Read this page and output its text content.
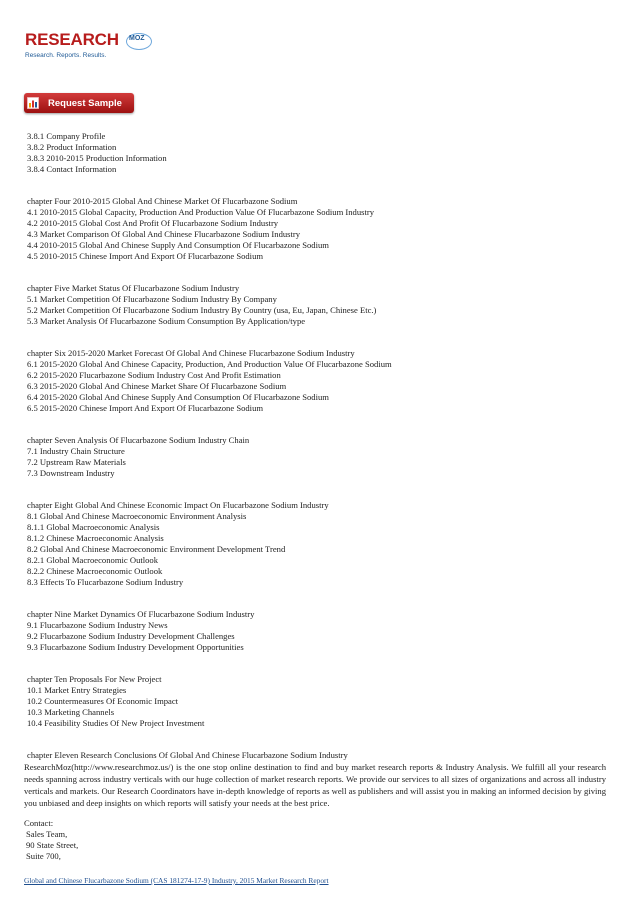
RESEARCH MOZ
Research. Reports. Results.
Request Sample
3.8.1 Company Profile
3.8.2 Product Information
3.8.3 2010-2015 Production Information
3.8.4 Contact Information
chapter Four 2010-2015 Global And Chinese Market Of Flucarbazone Sodium
4.1 2010-2015 Global Capacity, Production And Production Value Of Flucarbazone Sodium Industry
4.2 2010-2015 Global Cost And Profit Of Flucarbazone Sodium Industry
4.3 Market Comparison Of Global And Chinese Flucarbazone Sodium Industry
4.4 2010-2015 Global And Chinese Supply And Consumption Of Flucarbazone Sodium
4.5 2010-2015 Chinese Import And Export Of Flucarbazone Sodium
chapter Five Market Status Of Flucarbazone Sodium Industry
5.1 Market Competition Of Flucarbazone Sodium Industry By Company
5.2 Market Competition Of Flucarbazone Sodium Industry By Country (usa, Eu, Japan, Chinese Etc.)
5.3 Market Analysis Of Flucarbazone Sodium Consumption By Application/type
chapter Six 2015-2020 Market Forecast Of Global And Chinese Flucarbazone Sodium Industry
6.1 2015-2020 Global And Chinese Capacity, Production, And Production Value Of Flucarbazone Sodium
6.2 2015-2020 Flucarbazone Sodium Industry Cost And Profit Estimation
6.3 2015-2020 Global And Chinese Market Share Of Flucarbazone Sodium
6.4 2015-2020 Global And Chinese Supply And Consumption Of Flucarbazone Sodium
6.5 2015-2020 Chinese Import And Export Of Flucarbazone Sodium
chapter Seven Analysis Of Flucarbazone Sodium Industry Chain
7.1 Industry Chain Structure
7.2 Upstream Raw Materials
7.3 Downstream Industry
chapter Eight Global And Chinese Economic Impact On Flucarbazone Sodium Industry
8.1 Global And Chinese Macroeconomic Environment Analysis
8.1.1 Global Macroeconomic Analysis
8.1.2 Chinese Macroeconomic Analysis
8.2 Global And Chinese Macroeconomic Environment Development Trend
8.2.1 Global Macroeconomic Outlook
8.2.2 Chinese Macroeconomic Outlook
8.3 Effects To Flucarbazone Sodium Industry
chapter Nine Market Dynamics Of Flucarbazone Sodium Industry
9.1 Flucarbazone Sodium Industry News
9.2 Flucarbazone Sodium Industry Development Challenges
9.3 Flucarbazone Sodium Industry Development Opportunities
chapter Ten Proposals For New Project
10.1 Market Entry Strategies
10.2 Countermeasures Of Economic Impact
10.3 Marketing Channels
10.4 Feasibility Studies Of New Project Investment
chapter Eleven Research Conclusions Of Global And Chinese Flucarbazone Sodium Industry
ResearchMoz(http://www.researchmoz.us/) is the one stop online destination to find and buy market research reports & Industry Analysis. We fulfill all your research needs spanning across industry verticals with our huge collection of market research reports. We provide our services to all sizes of organizations and across all industry verticals and markets. Our Research Coordinators have in-depth knowledge of reports as well as publishers and will assist you in making an informed decision by giving you unbiased and deep insights on which reports will satisfy your needs at the best price.
Contact:
Sales Team,
90 State Street,
Suite 700,
Global and Chinese Flucarbazone Sodium (CAS 181274-17-9) Industry, 2015 Market Research Report
